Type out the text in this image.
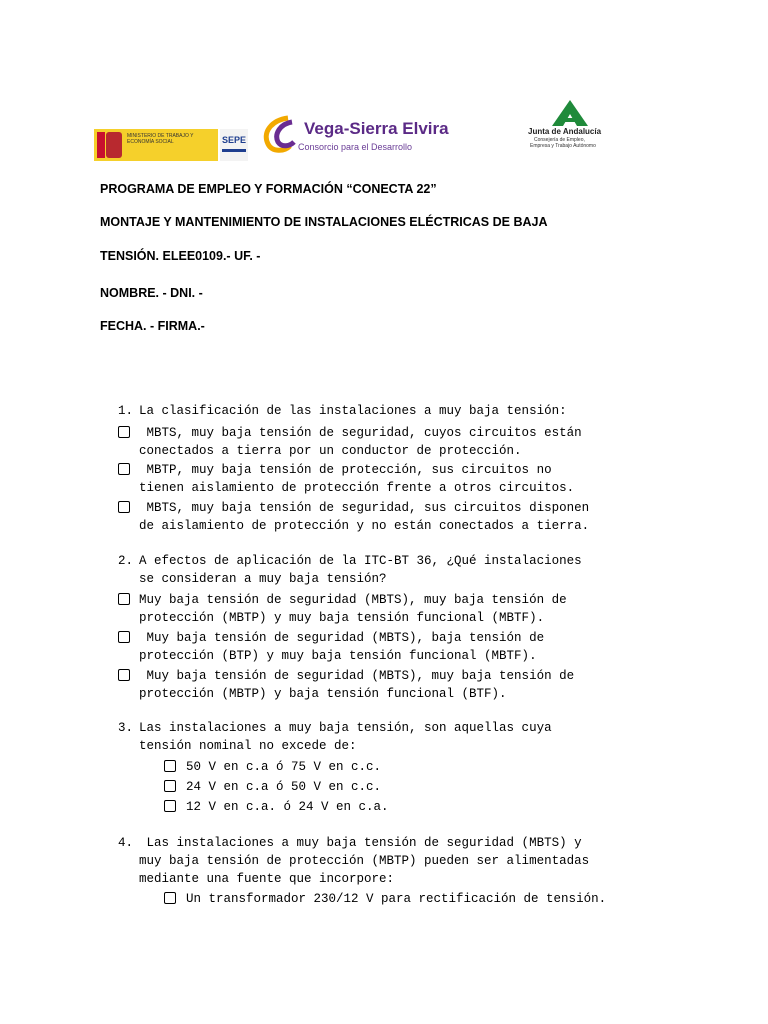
MINISTERIO DE TRABAJO Y ECONOMÍA SOCIAL	SEPE
Vega-Sierra Elvira
Consorcio para el Desarrollo
Junta de Andalucía
Consejería de Empleo,
Empresa y Trabajo Autónomo
PROGRAMA DE EMPLEO Y FORMACIÓN “CONECTA 22”
MONTAJE Y MANTENIMIENTO DE INSTALACIONES ELÉCTRICAS DE BAJA
TENSIÓN. ELEE0109.- UF. -
NOMBRE. - DNI. -
FECHA. - FIRMA.-
1. La clasificación de las instalaciones a muy baja tensión:
MBTS, muy baja tensión de seguridad, cuyos circuitos están
conectados a tierra por un conductor de protección.
MBTP, muy baja tensión de protección, sus circuitos no
tienen aislamiento de protección frente a otros circuitos.
MBTS, muy baja tensión de seguridad, sus circuitos disponen
de aislamiento de protección y no están conectados a tierra.
2. A efectos de aplicación de la ITC-BT 36, ¿Qué instalaciones
se consideran a muy baja tensión?
Muy baja tensión de seguridad (MBTS), muy baja tensión de
protección (MBTP) y muy baja tensión funcional (MBTF).
Muy baja tensión de seguridad (MBTS), baja tensión de
protección (BTP) y muy baja tensión funcional (MBTF).
Muy baja tensión de seguridad (MBTS), muy baja tensión de
protección (MBTP) y baja tensión funcional (BTF).
3. Las instalaciones a muy baja tensión, son aquellas cuya
tensión nominal no excede de:
50 V en c.a ó 75 V en c.c.
24 V en c.a ó 50 V en c.c.
12 V en c.a. ó 24 V en c.a.
4. Las instalaciones a muy baja tensión de seguridad (MBTS) y
muy baja tensión de protección (MBTP) pueden ser alimentadas
mediante una fuente que incorpore:
Un transformador 230/12 V para rectificación de tensión.
